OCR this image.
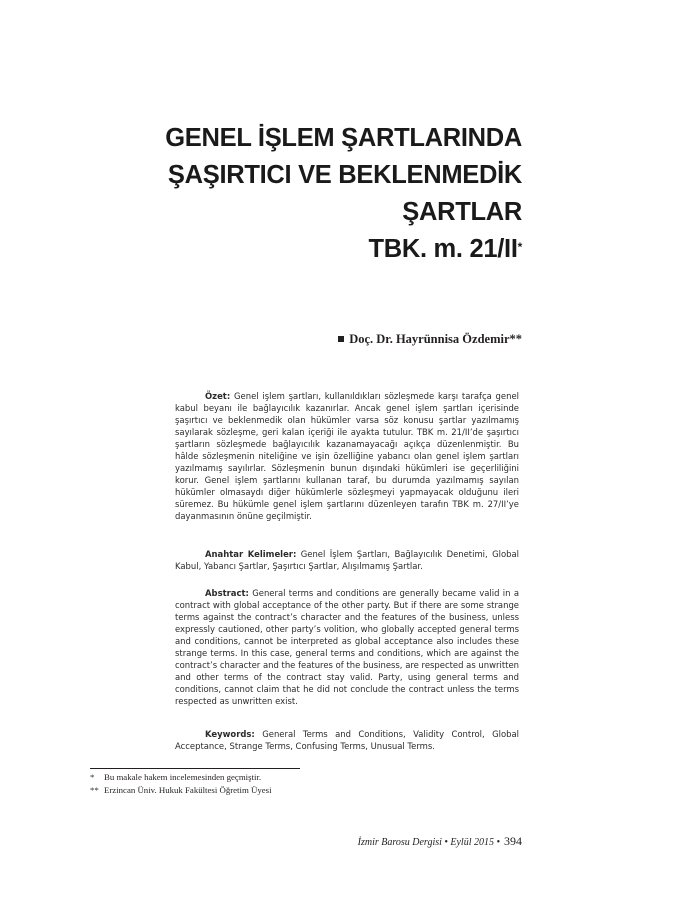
GENEL İŞLEM ŞARTLARINDA
ŞAŞIRTICI VE BEKLENMEDİK
ŞARTLAR
TBK. m. 21/II*
Doç. Dr. Hayrünnisa Özdemir**

Özet: Genel işlem şartları, kullanıldıkları sözleşmede karşı tarafça genel kabul beyanı ile bağlayıcılık kazanırlar. Ancak genel işlem şartları içerisinde şaşırtıcı ve beklenmedik olan hükümler varsa söz konusu şartlar yazılmamış sayılarak sözleşme, geri kalan içeriği ile ayakta tutulur. TBK m. 21/II’de şaşırtıcı şartların sözleşmede bağlayıcılık kazanamayacağı açıkça düzenlenmiştir. Bu hâlde sözleşmenin niteliğine ve işin özelliğine yabancı olan genel işlem şartları yazılmamış sayılırlar. Sözleşmenin bunun dışındaki hükümleri ise geçerliliğini korur. Genel işlem şartlarını kullanan taraf, bu durumda yazılmamış sayılan hükümler olmasaydı diğer hükümlerle sözleşmeyi yapmayacak olduğunu ileri süremez. Bu hükümle genel işlem şartlarını düzenleyen tarafın TBK m. 27/II’ye dayanmasının önüne geçilmiştir.

Anahtar Kelimeler: Genel İşlem Şartları, Bağlayıcılık Denetimi, Global Kabul, Yabancı Şartlar, Şaşırtıcı Şartlar, Alışılmamış Şartlar.

Abstract: General terms and conditions are generally became valid in a contract with global acceptance of the other party. But if there are some strange terms against the contract’s character and the features of the business, unless expressly cautioned, other party’s volition, who globally accepted general terms and conditions, cannot be interpreted as global acceptance also includes these strange terms. In this case, general terms and conditions, which are against the contract’s character and the features of the business, are respected as unwritten and other terms of the contract stay valid. Party, using general terms and conditions, cannot claim that he did not conclude the contract unless the terms respected as unwritten exist.

Keywords: General Terms and Conditions, Validity Control, Global Acceptance, Strange Terms, Confusing Terms, Unusual Terms.

* Bu makale hakem incelemesinden geçmiştir.
** Erzincan Üniv. Hukuk Fakültesi Öğretim Üyesi
İzmir Barosu Dergisi • Eylül 2015 • 394
